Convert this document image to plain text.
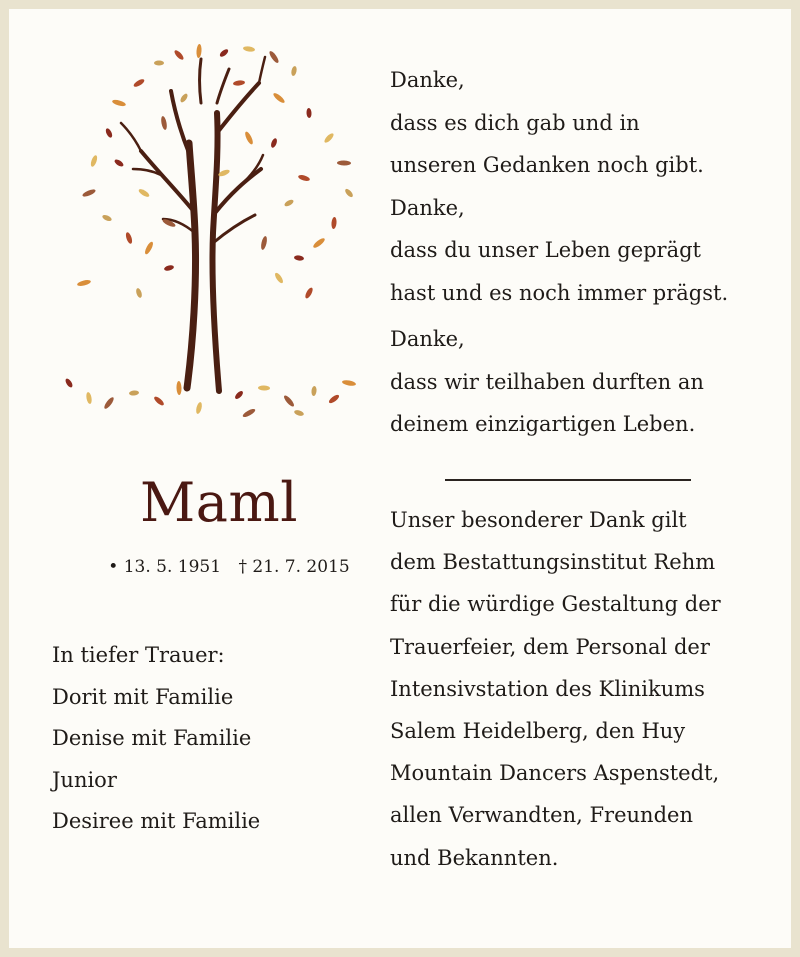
Maml
• 13. 5. 1951 † 21. 7. 2015
In tiefer Trauer:
Dorit mit Familie
Denise mit Familie
Junior
Desiree mit Familie
Danke,
dass es dich gab und in
unseren Gedanken noch gibt.
Danke,
dass du unser Leben geprägt
hast und es noch immer prägst.
Danke,
dass wir teilhaben durften an
deinem einzigartigen Leben.
Unser besonderer Dank gilt
dem Bestattungsinstitut Rehm
für die würdige Gestaltung der
Trauerfeier, dem Personal der
Intensivstation des Klinikums
Salem Heidelberg, den Huy
Mountain Dancers Aspenstedt,
allen Verwandten, Freunden
und Bekannten.
